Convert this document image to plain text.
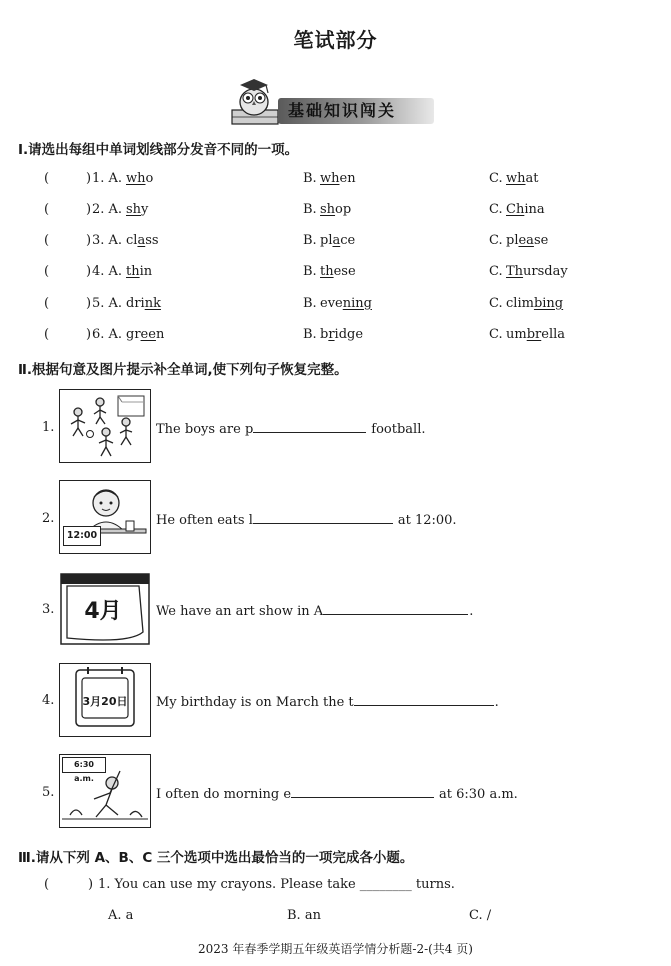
笔试部分
基础知识闯关
Ⅰ.请选出每组中单词划线部分发音不同的一项。
(	) 1. A. who	B. when	C. what
(	) 2. A. shy	B. shop	C. China
(	) 3. A. class	B. place	C. please
(	) 4. A. thin	B. these	C. Thursday
(	) 5. A. drink	B. evening	C. climbing
(	) 6. A. green	B. bridge	C. umbrella
Ⅱ.根据句意及图片提示补全单词,使下列句子恢复完整。
12:00
4月
3月20日
6:30 a.m.
1.	The boys are p	football.
2.	He often eats l	at 12:00.
3.	We have an art show in A	.
4.	My birthday is on March the t	.
5.	I often do morning e	at 6:30 a.m.
Ⅲ.请从下列 A、B、C 三个选项中选出最恰当的一项完成各小题。
(	) 1. You can use my crayons. Please take ________ turns.
A. a	B. an	C. /
2023 年春季学期五年级英语学情分析题-2-(共4 页)
